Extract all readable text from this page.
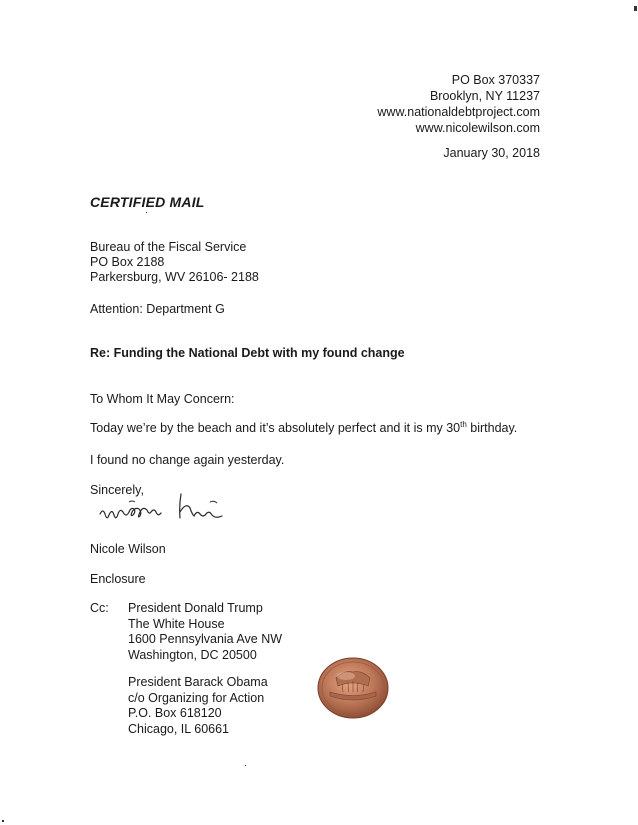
PO Box 370337
Brooklyn, NY 11237
www.nationaldebtproject.com
www.nicolewilson.com
January 30, 2018
CERTIFIED MAIL
Bureau of the Fiscal Service
PO Box 2188
Parkersburg, WV 26106- 2188
Attention: Department G
Re: Funding the National Debt with my found change
To Whom It May Concern:
Today we’re by the beach and it’s absolutely perfect and it is my 30th birthday.
I found no change again yesterday.
Sincerely,
Nicole Wilson
Enclosure
Cc: President Donald Trump
The White House
1600 Pennsylvania Ave NW
Washington, DC 20500
President Barack Obama
c/o Organizing for Action
P.O. Box 618120
Chicago, IL 60661
